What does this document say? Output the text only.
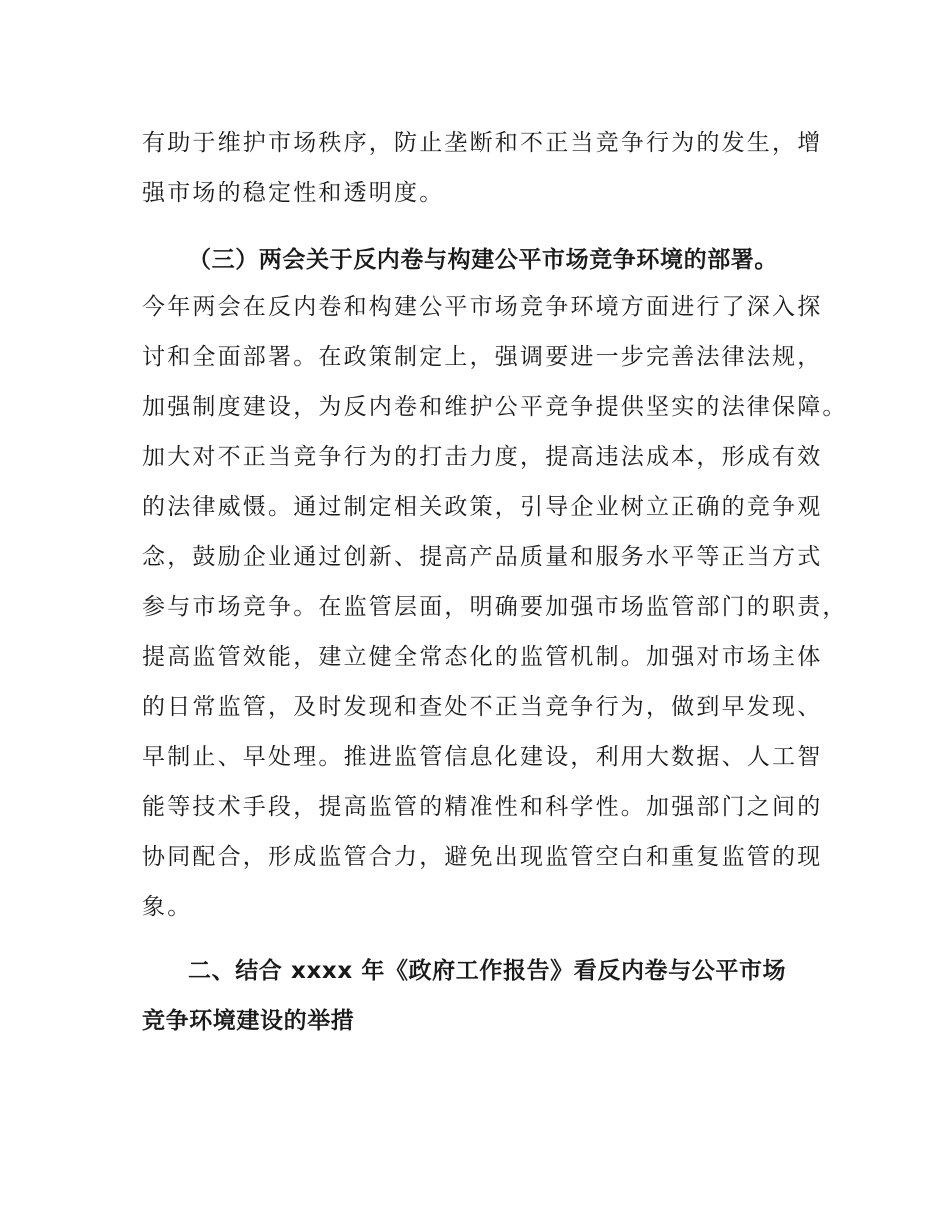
有助于维护市场秩序，防止垄断和不正当竞争行为的发生，增
强市场的稳定性和透明度。
（三）两会关于反内卷与构建公平市场竞争环境的部署。
今年两会在反内卷和构建公平市场竞争环境方面进行了深入探
讨和全面部署。在政策制定上，强调要进一步完善法律法规，
加强制度建设，为反内卷和维护公平竞争提供坚实的法律保障。
加大对不正当竞争行为的打击力度，提高违法成本，形成有效
的法律威慑。通过制定相关政策，引导企业树立正确的竞争观
念，鼓励企业通过创新、提高产品质量和服务水平等正当方式
参与市场竞争。在监管层面，明确要加强市场监管部门的职责，
提高监管效能，建立健全常态化的监管机制。加强对市场主体
的日常监管，及时发现和查处不正当竞争行为，做到早发现、
早制止、早处理。推进监管信息化建设，利用大数据、人工智
能等技术手段，提高监管的精准性和科学性。加强部门之间的
协同配合，形成监管合力，避免出现监管空白和重复监管的现
象。
二、结合 xxxx 年《政府工作报告》看反内卷与公平市场
竞争环境建设的举措
